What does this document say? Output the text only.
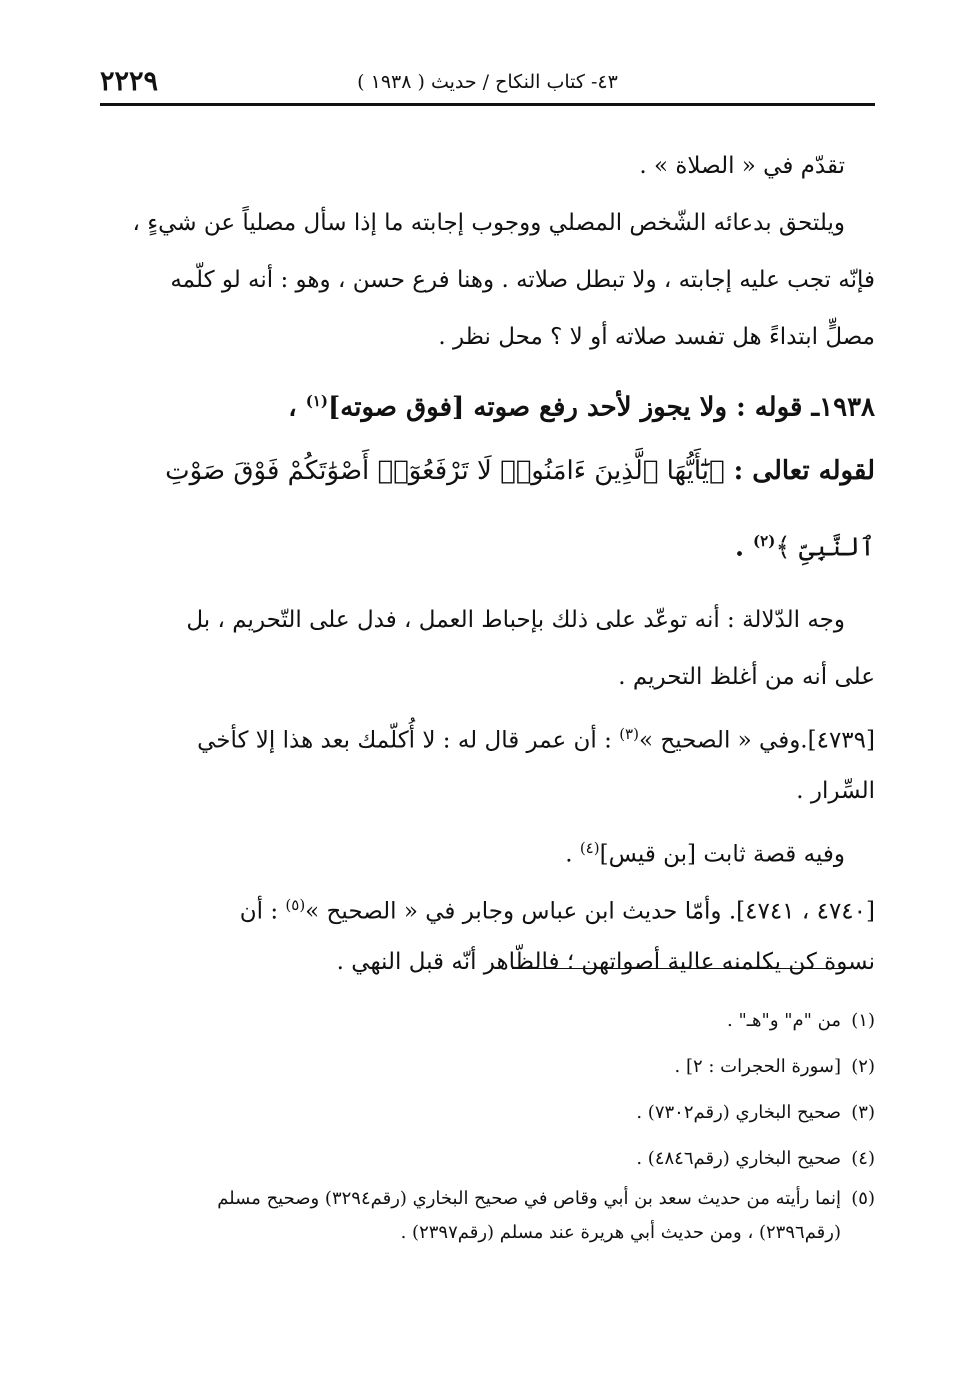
٢٢٢٩	٤٣- كتاب النكاح / حديث ( ١٩٣٨ )
تقدّم في « الصلاة » .
ويلتحق بدعائه الشّخص المصلي ووجوب إجابته ما إذا سأل مصلياً عن شيءٍ ،
فإنّه تجب عليه إجابته ، ولا تبطل صلاته . وهنا فرع حسن ، وهو : أنه لو كلّمه
مصلٍّ ابتداءً هل تفسد صلاته أو لا ؟ محل نظر .
١٩٣٨ـ قوله : ولا يجوز لأحد رفع صوته [فوق صوته]$^{(١)}$ ،
لقوله تعالى : ﴿يَٰٓأَيُّهَا ٱلَّذِينَ ءَامَنُوا۟ لَا تَرْفَعُوٓا۟ أَصْوَٰتَكُمْ فَوْقَ صَوْتِ
ٱلنَّبِىِّ ﴾$^{(٢)}$ .
وجه الدّلالة : أنه توعّد على ذلك بإحباط العمل ، فدل على التّحريم ، بل
على أنه من أغلظ التحريم .
[٤٧٣٩].وفي « الصحيح »$^{(٣)}$ : أن عمر قال له : لا أُكلّمك بعد هذا إلا كأخي
السِّرار .
وفيه قصة ثابت [بن قيس]$^{(٤)}$ .
[٤٧٤٠ ، ٤٧٤١]. وأمّا حديث ابن عباس وجابر في « الصحيح »$^{(٥)}$ : أن
نسوة كن يكلمنه عالية أصواتهن ؛ فالظّاهر أنّه قبل النهي .
(١)من "م" و"هـ" .
(٢)[سورة الحجرات : ٢] .
(٣)صحيح البخاري (رقم٧٣٠٢) .
(٤)صحيح البخاري (رقم٤٨٤٦) .
(٥)إنما رأيته من حديث سعد بن أبي وقاص في صحيح البخاري (رقم٣٢٩٤) وصحيح مسلم
(رقم٢٣٩٦) ، ومن حديث أبي هريرة عند مسلم (رقم٢٣٩٧) .
